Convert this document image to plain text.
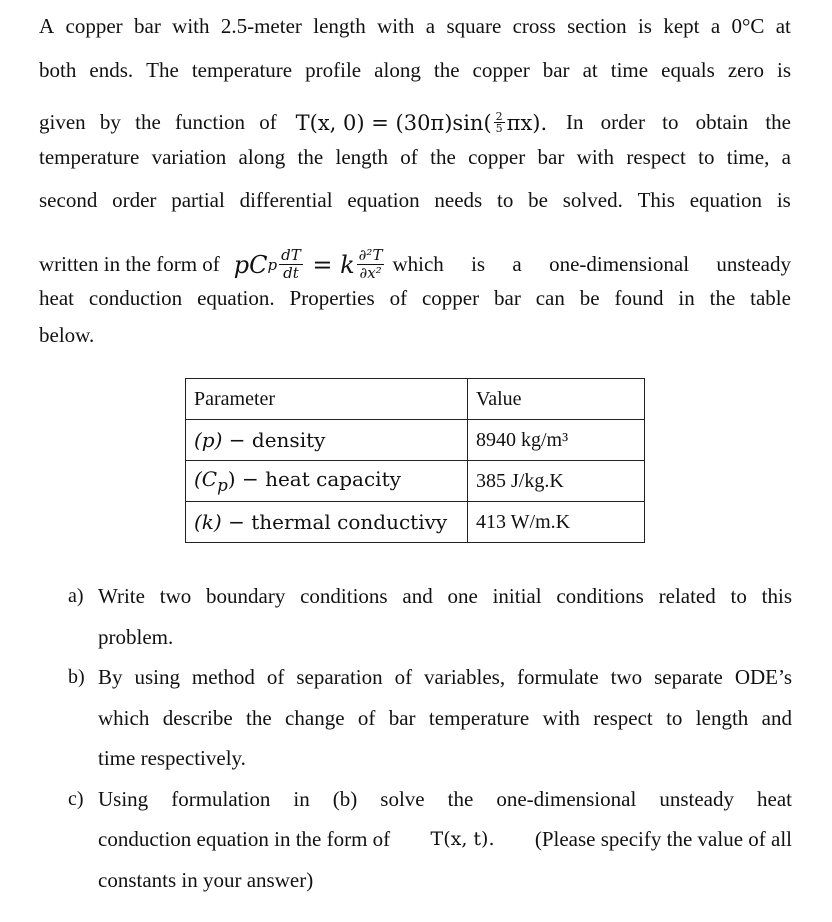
A copper bar with 2.5-meter length with a square cross section is kept a 0°C at
both ends. The temperature profile along the copper bar at time equals zero is
given by the function of T(x, $0) = (30\pi)\sin( \frac{2}{5} \pi x)$. In order to obtain the
temperature variation along the length of the copper bar with respect to time, a
second order partial differential equation needs to be solved. This equation is
written in the form of pC p $\frac{dT}{dt} = k \frac{\text{∂²T}}{\text{∂x²}}$ which is a one-dimensional unsteady
heat conduction equation. Properties of copper bar can be found in the table
below.
Parameter	Value
(p) − density	8940 kg/m³
$(C_p)$ − heat capacity	385 J/kg.K
(k) − thermal conductivy	413 W/m.K
a) Write two boundary conditions and one initial conditions related to this
problem.
b) By using method of separation of variables, formulate two separate ODE’s
which describe the change of bar temperature with respect to length and
time respectively.
c) Using formulation in (b) solve the one-dimensional unsteady heat
conduction equation in the form of T(x, t). (Please specify the value of all
constants in your answer)
